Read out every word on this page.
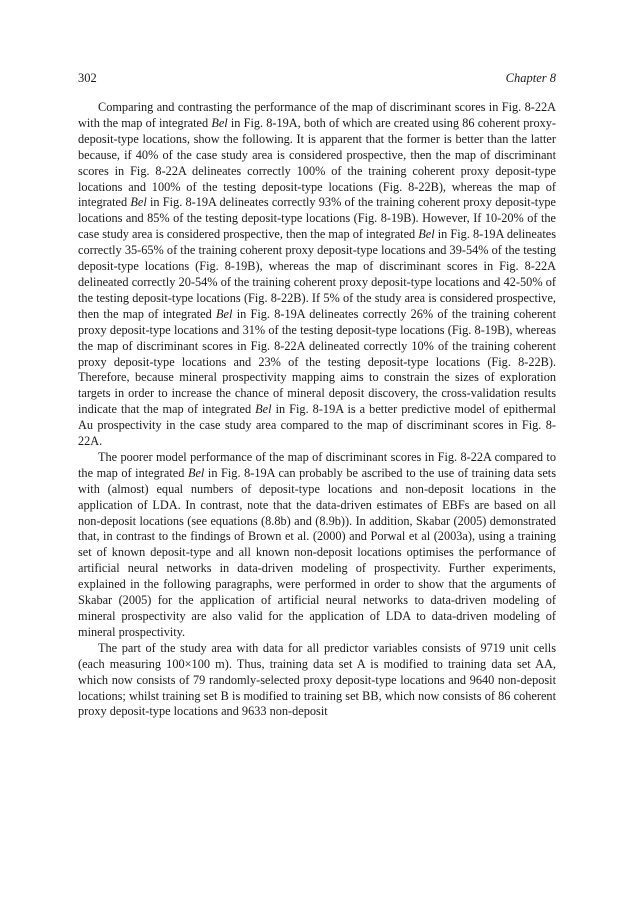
302	Chapter 8

Comparing and contrasting the performance of the map of discriminant scores in Fig. 8-22A with the map of integrated Bel in Fig. 8-19A, both of which are created using 86 coherent proxy-deposit-type locations, show the following. It is apparent that the former is better than the latter because, if 40% of the case study area is considered prospective, then the map of discriminant scores in Fig. 8-22A delineates correctly 100% of the training coherent proxy deposit-type locations and 100% of the testing deposit-type locations (Fig. 8-22B), whereas the map of integrated Bel in Fig. 8-19A delineates correctly 93% of the training coherent proxy deposit-type locations and 85% of the testing deposit-type locations (Fig. 8-19B). However, If 10-20% of the case study area is considered prospective, then the map of integrated Bel in Fig. 8-19A delineates correctly 35-65% of the training coherent proxy deposit-type locations and 39-54% of the testing deposit-type locations (Fig. 8-19B), whereas the map of discriminant scores in Fig. 8-22A delineated correctly 20-54% of the training coherent proxy deposit-type locations and 42-50% of the testing deposit-type locations (Fig. 8-22B). If 5% of the study area is considered prospective, then the map of integrated Bel in Fig. 8-19A delineates correctly 26% of the training coherent proxy deposit-type locations and 31% of the testing deposit-type locations (Fig. 8-19B), whereas the map of discriminant scores in Fig. 8-22A delineated correctly 10% of the training coherent proxy deposit-type locations and 23% of the testing deposit-type locations (Fig. 8-22B). Therefore, because mineral prospectivity mapping aims to constrain the sizes of exploration targets in order to increase the chance of mineral deposit discovery, the cross-validation results indicate that the map of integrated Bel in Fig. 8-19A is a better predictive model of epithermal Au prospectivity in the case study area compared to the map of discriminant scores in Fig. 8-22A.

The poorer model performance of the map of discriminant scores in Fig. 8-22A compared to the map of integrated Bel in Fig. 8-19A can probably be ascribed to the use of training data sets with (almost) equal numbers of deposit-type locations and non-deposit locations in the application of LDA. In contrast, note that the data-driven estimates of EBFs are based on all non-deposit locations (see equations (8.8b) and (8.9b)). In addition, Skabar (2005) demonstrated that, in contrast to the findings of Brown et al. (2000) and Porwal et al (2003a), using a training set of known deposit-type and all known non-deposit locations optimises the performance of artificial neural networks in data-driven modeling of prospectivity. Further experiments, explained in the following paragraphs, were performed in order to show that the arguments of Skabar (2005) for the application of artificial neural networks to data-driven modeling of mineral prospectivity are also valid for the application of LDA to data-driven modeling of mineral prospectivity.

The part of the study area with data for all predictor variables consists of 9719 unit cells (each measuring 100×100 m). Thus, training data set A is modified to training data set AA, which now consists of 79 randomly-selected proxy deposit-type locations and 9640 non-deposit locations; whilst training set B is modified to training set BB, which now consists of 86 coherent proxy deposit-type locations and 9633 non-deposit
